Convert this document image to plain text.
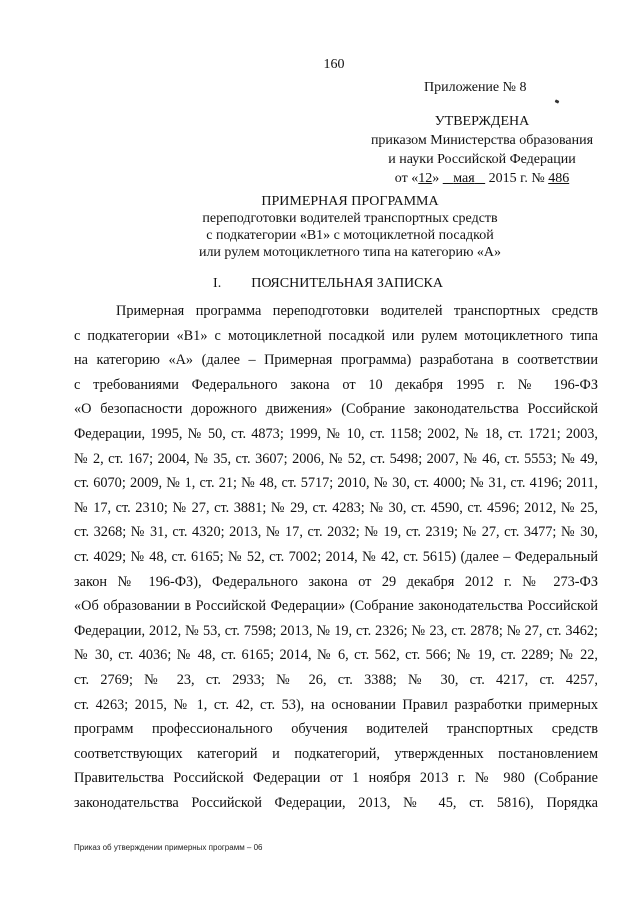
160
Приложение № 8
УТВЕРЖДЕНА
приказом Министерства образования
и науки Российской Федерации
от «12» мая 2015 г. № 486
ПРИМЕРНАЯ ПРОГРАММА
переподготовки водителей транспортных средств
с подкатегории «В1» с мотоциклетной посадкой
или рулем мотоциклетного типа на категорию «А»
I. ПОЯСНИТЕЛЬНАЯ ЗАПИСКА
Примерная программа переподготовки водителей транспортных средств
с подкатегории «В1» с мотоциклетной посадкой или рулем мотоциклетного типа
на категорию «А» (далее – Примерная программа) разработана в соответствии
с требованиями Федерального закона от 10 декабря 1995 г. № 196-ФЗ
«О безопасности дорожного движения» (Собрание законодательства Российской
Федерации, 1995, № 50, ст. 4873; 1999, № 10, ст. 1158; 2002, № 18, ст. 1721; 2003,
№ 2, ст. 167; 2004, № 35, ст. 3607; 2006, № 52, ст. 5498; 2007, № 46, ст. 5553; № 49,
ст. 6070; 2009, № 1, ст. 21; № 48, ст. 5717; 2010, № 30, ст. 4000; № 31, ст. 4196; 2011,
№ 17, ст. 2310; № 27, ст. 3881; № 29, ст. 4283; № 30, ст. 4590, ст. 4596; 2012, № 25,
ст. 3268; № 31, ст. 4320; 2013, № 17, ст. 2032; № 19, ст. 2319; № 27, ст. 3477; № 30,
ст. 4029; № 48, ст. 6165; № 52, ст. 7002; 2014, № 42, ст. 5615) (далее – Федеральный
закон № 196-ФЗ), Федерального закона от 29 декабря 2012 г. № 273-ФЗ
«Об образовании в Российской Федерации» (Собрание законодательства Российской
Федерации, 2012, № 53, ст. 7598; 2013, № 19, ст. 2326; № 23, ст. 2878; № 27, ст. 3462;
№ 30, ст. 4036; № 48, ст. 6165; 2014, № 6, ст. 562, ст. 566; № 19, ст. 2289; № 22,
ст. 2769; № 23, ст. 2933; № 26, ст. 3388; № 30, ст. 4217, ст. 4257,
ст. 4263; 2015, № 1, ст. 42, ст. 53), на основании Правил разработки примерных
программ профессионального обучения водителей транспортных средств
соответствующих категорий и подкатегорий, утвержденных постановлением
Правительства Российской Федерации от 1 ноября 2013 г. № 980 (Собрание
законодательства Российской Федерации, 2013, № 45, ст. 5816), Порядка
Приказ об утверждении примерных программ – 06
